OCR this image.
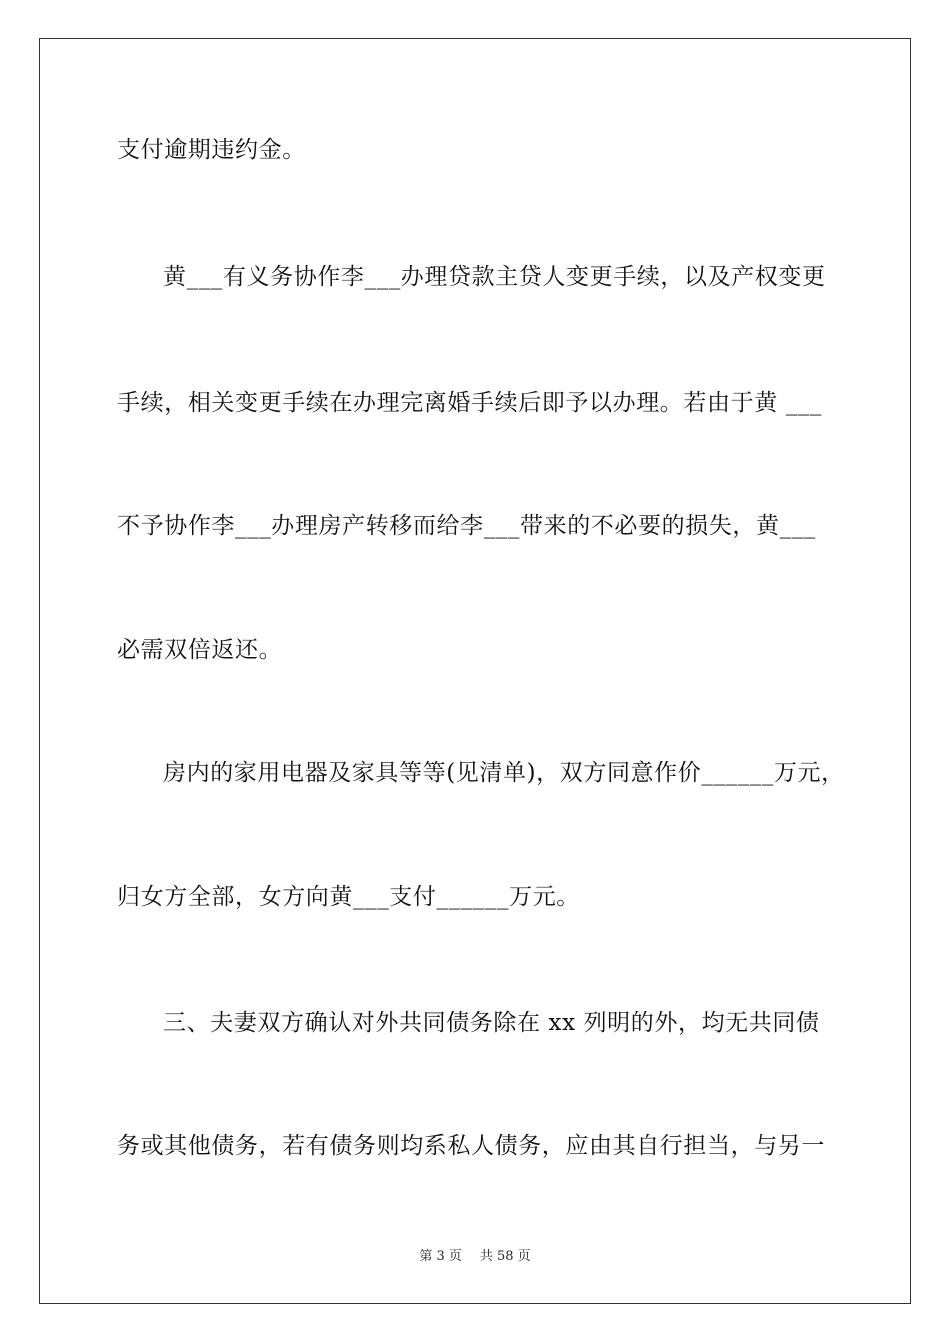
支付逾期违约金。
黄___有义务协作李___办理贷款主贷人变更手续，以及产权变更
手续，相关变更手续在办理完离婚手续后即予以办理。若由于黄 ___
不予协作李___办理房产转移而给李___带来的不必要的损失，黄___
必需双倍返还。
房内的家用电器及家具等等(见清单)，双方同意作价______万元，
归女方全部，女方向黄___支付______万元。
三、夫妻双方确认对外共同债务除在 xx 列明的外，均无共同债
务或其他债务，若有债务则均系私人债务，应由其自行担当，与另一
第 3 页 共 58 页
